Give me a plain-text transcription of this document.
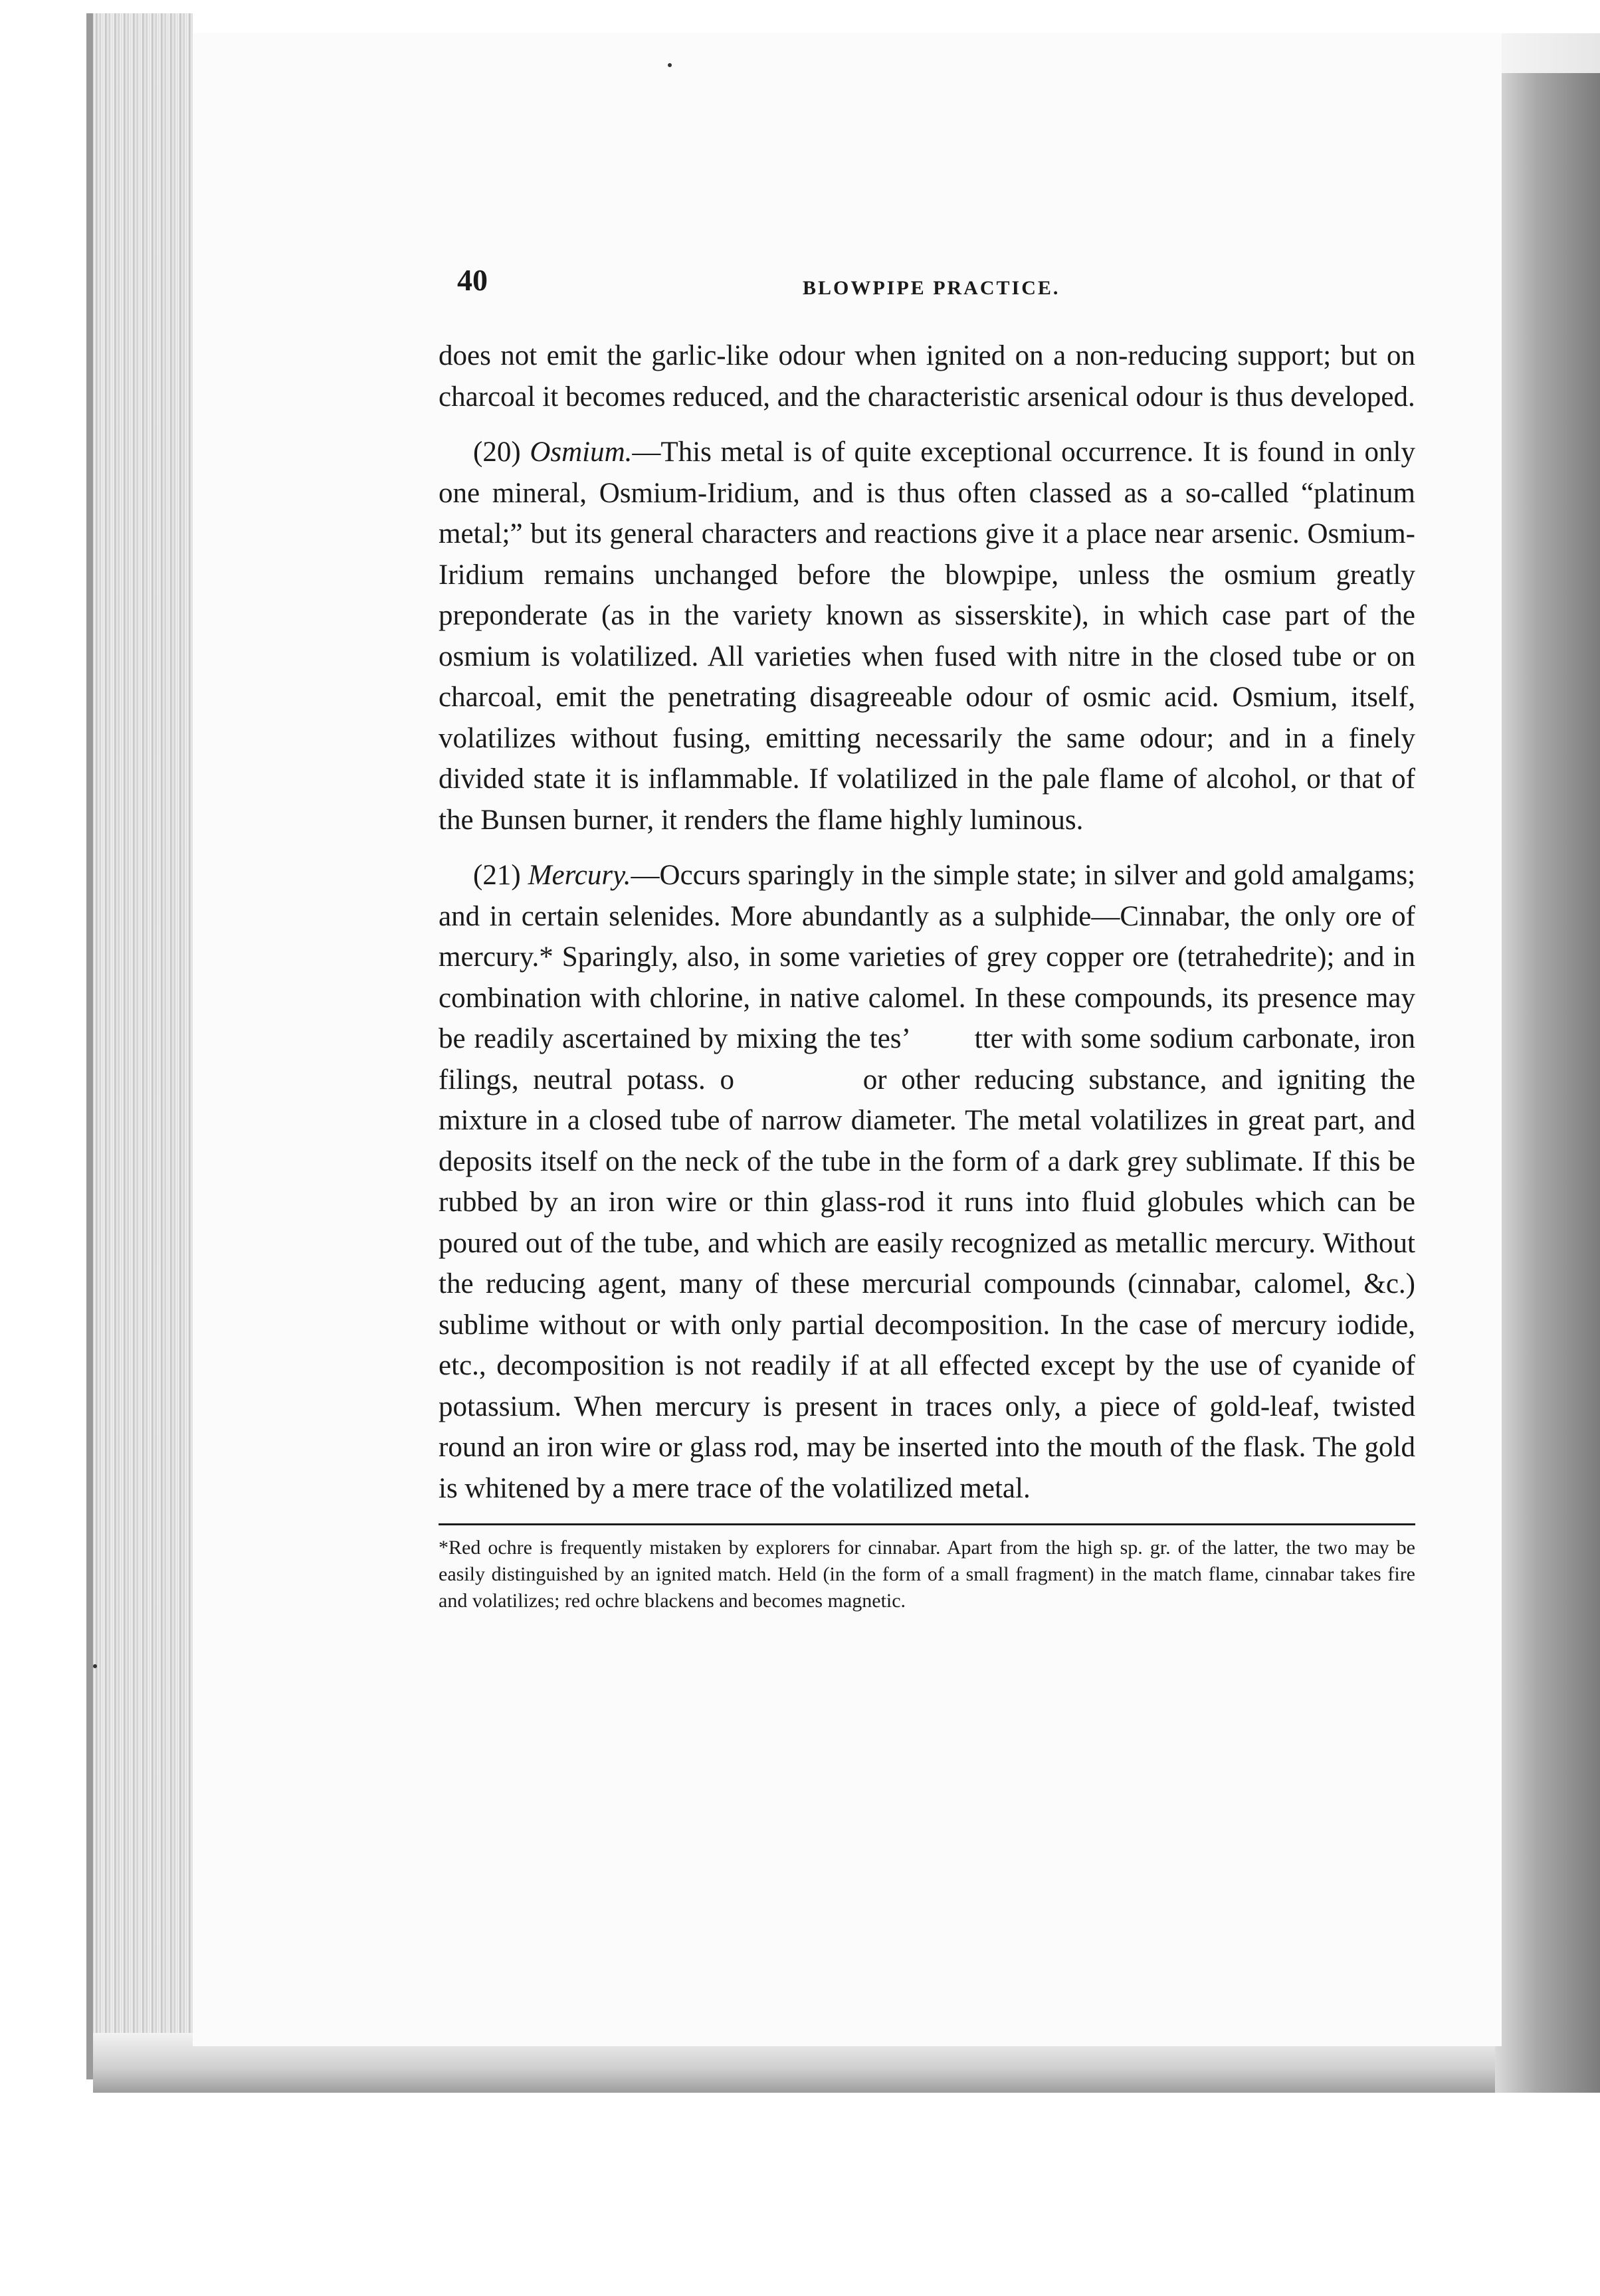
40	BLOWPIPE PRACTICE.

does not emit the garlic-like odour when ignited on a non-reducing support; but on charcoal it becomes reduced, and the characteristic arsenical odour is thus developed.

(20) Osmium.—This metal is of quite exceptional occurrence. It is found in only one mineral, Osmium-Iridium, and is thus often classed as a so-called “platinum metal;” but its general characters and reactions give it a place near arsenic. Osmium-Iridium remains unchanged before the blowpipe, unless the osmium greatly preponderate (as in the variety known as sisserskite), in which case part of the osmium is volatilized. All varieties when fused with nitre in the closed tube or on charcoal, emit the penetrating disagreeable odour of osmic acid. Osmium, itself, volatilizes without fusing, emitting necessarily the same odour; and in a finely divided state it is inflammable. If volatilized in the pale flame of alcohol, or that of the Bunsen burner, it renders the flame highly luminous.

(21) Mercury.—Occurs sparingly in the simple state; in silver and gold amalgams; and in certain selenides. More abundantly as a sulphide—Cinnabar, the only ore of mercury.* Sparingly, also, in some varieties of grey copper ore (tetrahedrite); and in combination with chlorine, in native calomel. In these compounds, its presence may be readily ascertained by mixing the tes’   tter with some sodium carbonate, iron filings, neutral potass. o     or other reducing substance, and igniting the mixture in a closed tube of narrow diameter. The metal volatilizes in great part, and deposits itself on the neck of the tube in the form of a dark grey sublimate. If this be rubbed by an iron wire or thin glass-rod it runs into fluid globules which can be poured out of the tube, and which are easily recognized as metallic mercury. Without the reducing agent, many of these mercurial compounds (cinnabar, calomel, &c.) sublime without or with only partial decomposition. In the case of mercury iodide, etc., decomposition is not readily if at all effected except by the use of cyanide of potassium. When mercury is present in traces only, a piece of gold-leaf, twisted round an iron wire or glass rod, may be inserted into the mouth of the flask. The gold is whitened by a mere trace of the volatilized metal.

*Red ochre is frequently mistaken by explorers for cinnabar. Apart from the high sp. gr. of the latter, the two may be easily distinguished by an ignited match. Held (in the form of a small fragment) in the match flame, cinnabar takes fire and volatilizes; red ochre blackens and becomes magnetic.
